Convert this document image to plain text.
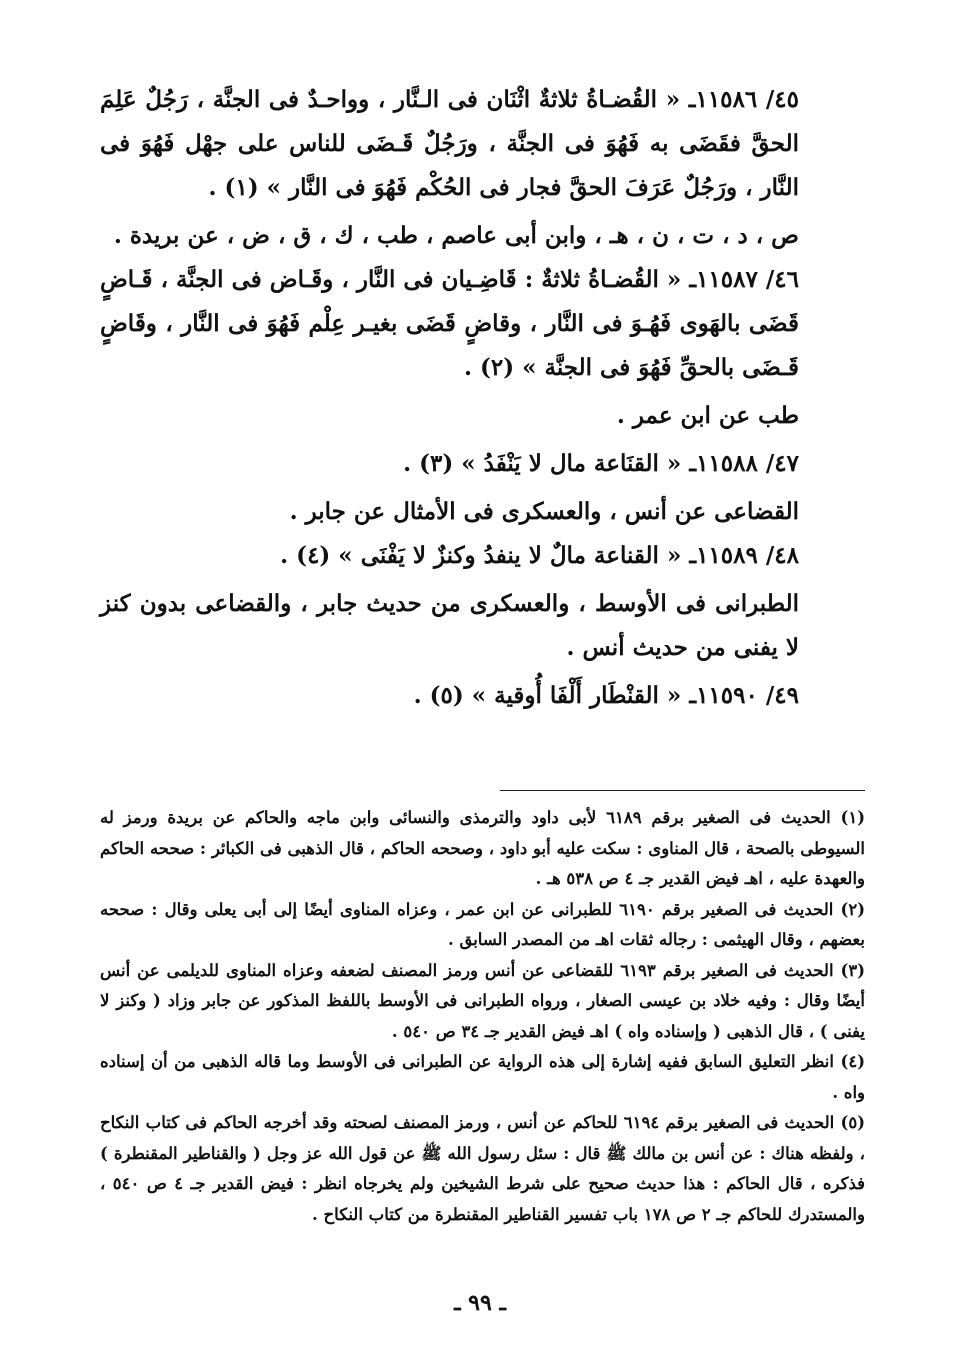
٤٥/ ١١٥٨٦ـ « القُضـاةُ ثلاثةٌ اثْنَان فى الـنَّار ، وواحـدٌ فى الجنَّة ، رَجُلٌ عَلِمَ الحقَّ فقَضَى به فَهُوَ فى الجنَّة ، ورَجُلٌ قَـضَى للناس على جهْل فَهُوَ فى النَّار ، ورَجُلٌ عَرَفَ الحقَّ فجار فى الحُكْم فَهُوَ فى النَّار » (١) .

ص ، د ، ت ، ن ، هـ ، وابن أبى عاصم ، طب ، ك ، ق ، ض ، عن بريدة .

٤٦/ ١١٥٨٧ـ « القُضـاةُ ثلاثةٌ : قَاضِـيان فى النَّار ، وقَـاض فى الجنَّة ، قَـاضٍ قَضَى بالهَوى فَهُـوَ فى النَّار ، وقاضٍ قَضَى بغيـر عِلْم فَهُوَ فى النَّار ، وقَاضٍ قَـضَى بالحقِّ فَهُوَ فى الجنَّة » (٢) .

طب عن ابن عمر .

٤٧/ ١١٥٨٨ـ « القنَاعة مال لا يَنْفَدُ » (٣) .

القضاعى عن أنس ، والعسكرى فى الأمثال عن جابر .

٤٨/ ١١٥٨٩ـ « القناعة مالٌ لا ينفدُ وكنزٌ لا يَفْنَى » (٤) .

الطبرانى فى الأوسط ، والعسكرى من حديث جابر ، والقضاعى بدون كنز لا يفنى من حديث أنس .

٤٩/ ١١٥٩٠ـ « القنْطَار أَلْفَا أُوقية » (٥) .

(١) الحديث فى الصغير برقم ٦١٨٩ لأبى داود والترمذى والنسائى وابن ماجه والحاكم عن بريدة ورمز له السيوطى بالصحة ، قال المناوى : سكت عليه أبو داود ، وصححه الحاكم ، قال الذهبى فى الكبائر : صححه الحاكم والعهدة عليه ، اهـ فيض القدير جـ ٤ ص ٥٣٨ هـ .

(٢) الحديث فى الصغير برقم ٦١٩٠ للطبرانى عن ابن عمر ، وعزاه المناوى أيضًا إلى أبى يعلى وقال : صححه بعضهم ، وقال الهيثمى : رجاله ثقات اهـ من المصدر السابق .

(٣) الحديث فى الصغير برقم ٦١٩٣ للقضاعى عن أنس ورمز المصنف لضعفه وعزاه المناوى للديلمى عن أنس أيضًا وقال : وفيه خلاد بن عيسى الصغار ، ورواه الطبرانى فى الأوسط باللفظ المذكور عن جابر وزاد ( وكنز لا يفنى ) ، قال الذهبى ( وإسناده واه ) اهـ فيض القدير جـ ٣٤ ص ٥٤٠ .

(٤) انظر التعليق السابق ففيه إشارة إلى هذه الرواية عن الطبرانى فى الأوسط وما قاله الذهبى من أن إسناده واه .

(٥) الحديث فى الصغير برقم ٦١٩٤ للحاكم عن أنس ، ورمز المصنف لصحته وقد أخرجه الحاكم فى كتاب النكاح ، ولفظه هناك : عن أنس بن مالك ﷺ قال : سئل رسول الله ﷺ عن قول الله عز وجل ( والقناطير المقنطرة ) فذكره ، قال الحاكم : هذا حديث صحيح على شرط الشيخين ولم يخرجاه انظر : فيض القدير جـ ٤ ص ٥٤٠ ، والمستدرك للحاكم جـ ٢ ص ١٧٨ باب تفسير القناطير المقنطرة من كتاب النكاح .

ـ ٩٩ ـ
